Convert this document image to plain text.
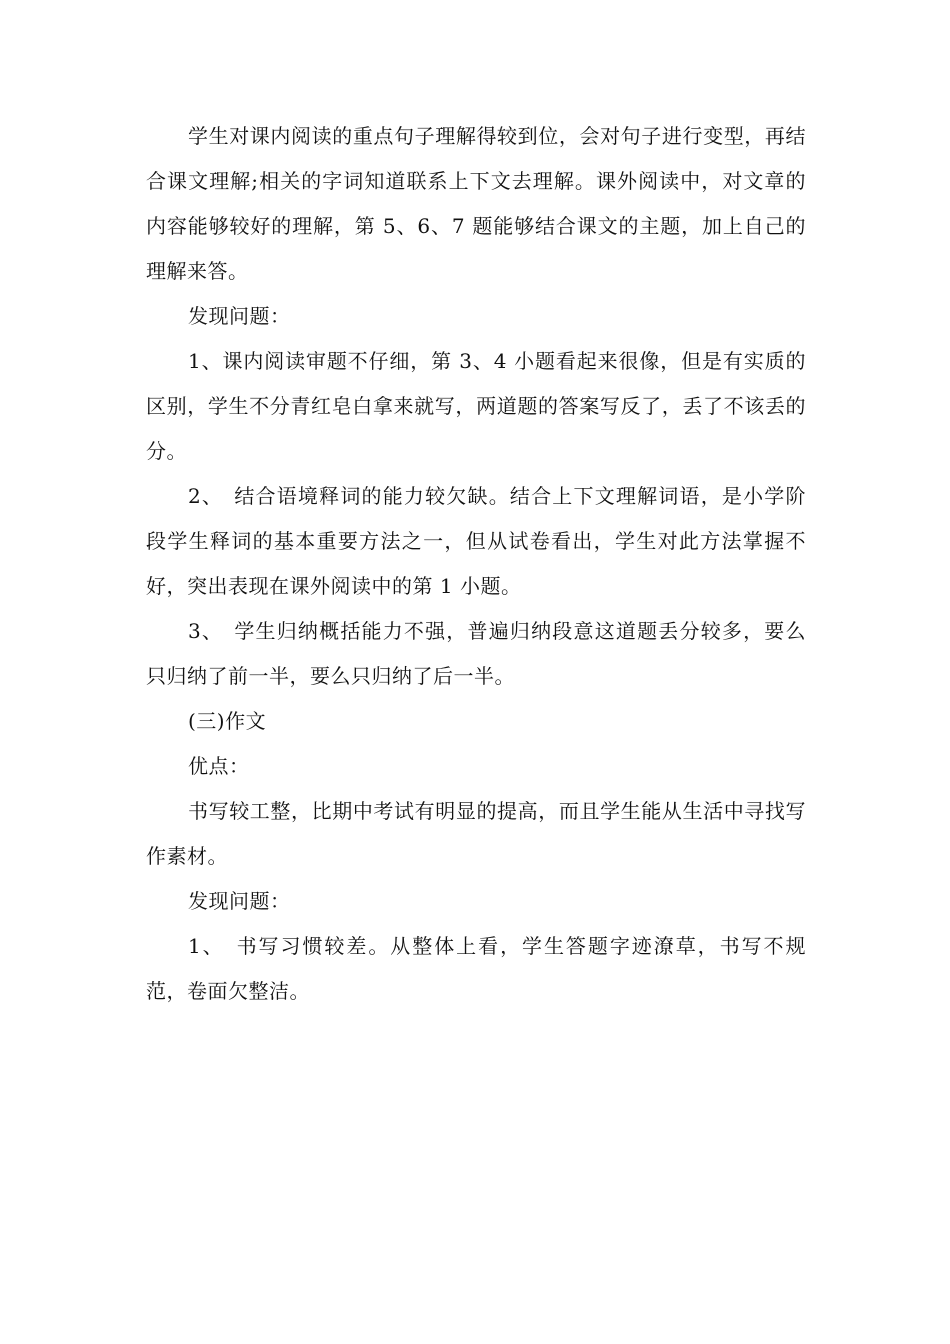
学生对课内阅读的重点句子理解得较到位，会对句子进行变型，再结合课文理解;相关的字词知道联系上下文去理解。课外阅读中，对文章的内容能够较好的理解，第 5、6、7 题能够结合课文的主题，加上自己的理解来答。

发现问题：

1、课内阅读审题不仔细，第 3、4 小题看起来很像，但是有实质的区别，学生不分青红皂白拿来就写，两道题的答案写反了，丢了不该丢的分。

2、　结合语境释词的能力较欠缺。结合上下文理解词语，是小学阶段学生释词的基本重要方法之一，但从试卷看出，学生对此方法掌握不好，突出表现在课外阅读中的第 1 小题。

3、　学生归纳概括能力不强，普遍归纳段意这道题丢分较多，要么只归纳了前一半，要么只归纳了后一半。

(三)作文

优点：

书写较工整，比期中考试有明显的提高，而且学生能从生活中寻找写作素材。

发现问题：

1、　书写习惯较差。从整体上看，学生答题字迹潦草，书写不规范，卷面欠整洁。
